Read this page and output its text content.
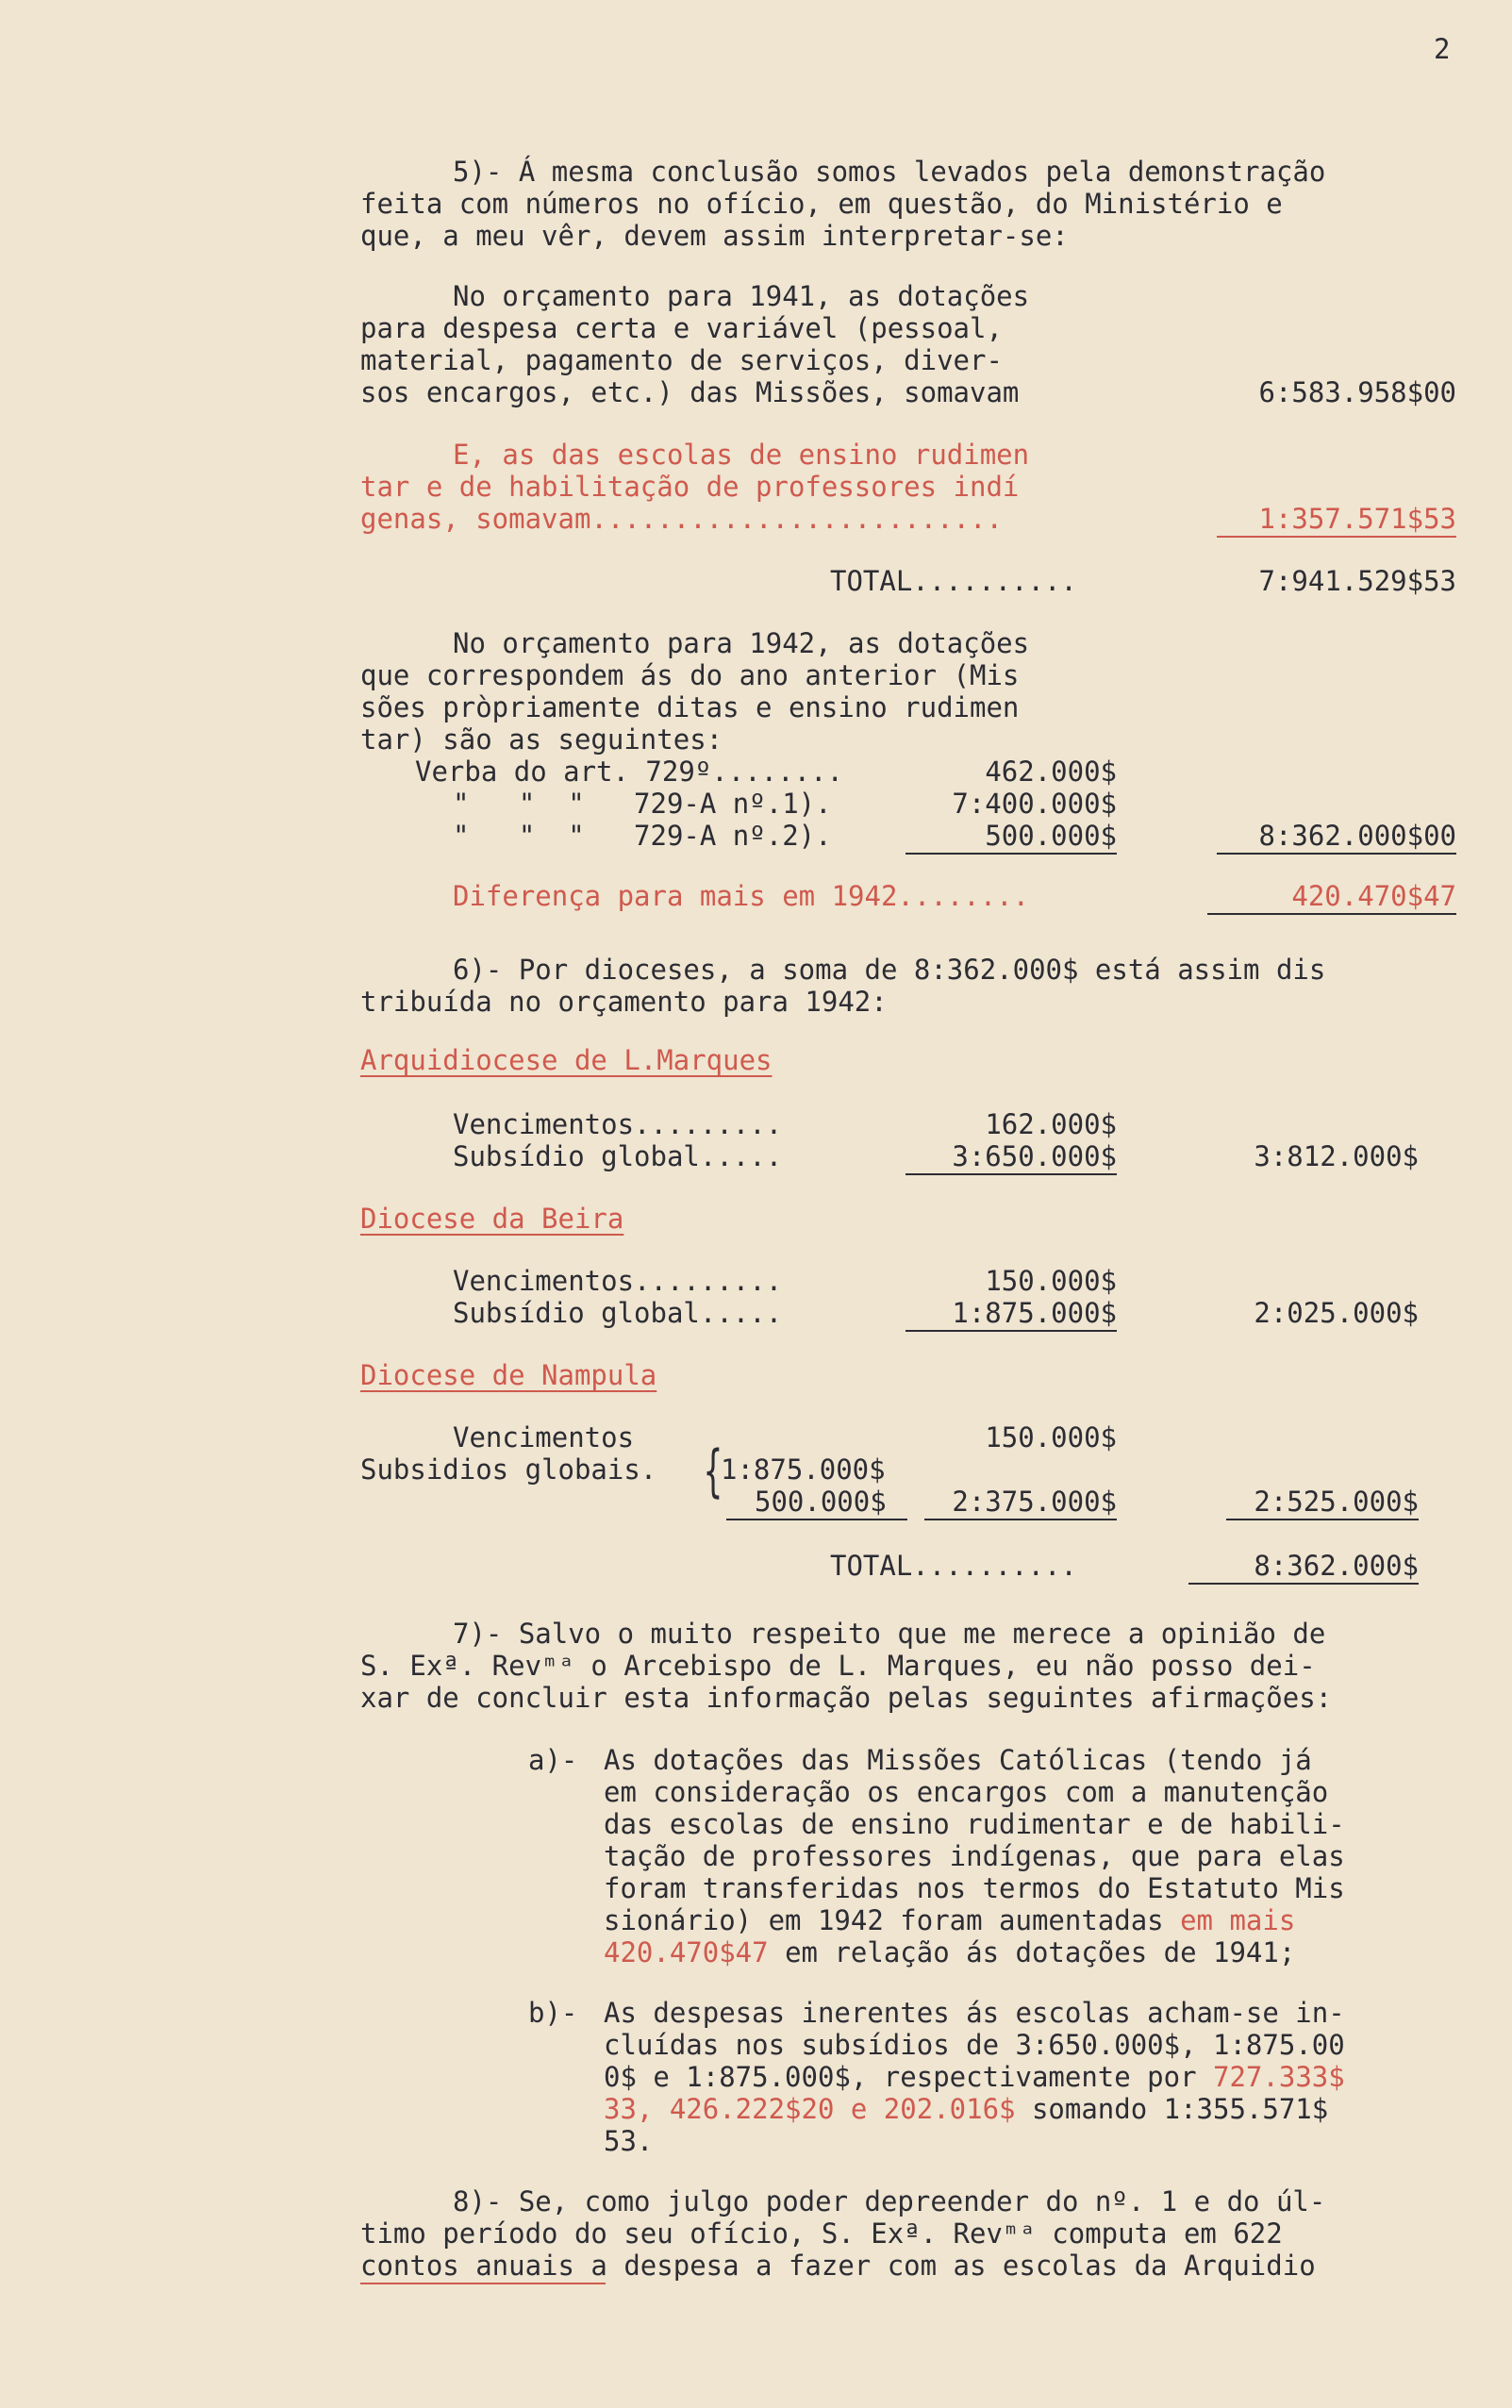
2
5)- Á mesma conclusão somos levados pela demonstração
feita com números no ofício, em questão, do Ministério e
que, a meu vêr, devem assim interpretar-se:
No orçamento para 1941, as dotações
para despesa certa e variável (pessoal,
material, pagamento de serviços, diver-
sos encargos, etc.) das Missões, somavam	6:583.958$00
E, as das escolas de ensino rudimen
tar e de habilitação de professores indí
genas, somavam.........................	1:357.571$53
TOTAL..........	7:941.529$53
No orçamento para 1942, as dotações
que correspondem ás do ano anterior (Mis
sões pròpriamente ditas e ensino rudimen
tar) são as seguintes:
Verba do art. 729º........	462.000$
"   "  "   729-A nº.1).	7:400.000$
"   "  "   729-A nº.2).	500.000$	8:362.000$00
Diferença para mais em 1942........	420.470$47
6)- Por dioceses, a soma de 8:362.000$ está assim dis
tribuída no orçamento para 1942:
Arquidiocese de L.Marques
Vencimentos.........	162.000$
Subsídio global.....	3:650.000$	3:812.000$
Diocese da Beira
Vencimentos.........	150.000$
Subsídio global.....	1:875.000$	2:025.000$
Diocese de Nampula
Vencimentos	150.000$
Subsidios globais. {
1:875.000$
500.000$	2:375.000$	2:525.000$
TOTAL..........	8:362.000$
7)- Salvo o muito respeito que me merece a opinião de
S. Exª. Revᵐᵃ o Arcebispo de L. Marques, eu não posso dei-
xar de concluir esta informação pelas seguintes afirmações:
a)- As dotações das Missões Católicas (tendo já
em consideração os encargos com a manutenção
das escolas de ensino rudimentar e de habili-
tação de professores indígenas, que para elas
foram transferidas nos termos do Estatuto Mis
sionário) em 1942 foram aumentadas em mais
420.470$47 em relação ás dotações de 1941;
b)- As despesas inerentes ás escolas acham-se in-
cluídas nos subsídios de 3:650.000$, 1:875.00
0$ e 1:875.000$, respectivamente por 727.333$
33, 426.222$20 e 202.016$ somando 1:355.571$
53.
8)- Se, como julgo poder depreender do nº. 1 e do úl-
timo período do seu ofício, S. Exª. Revᵐᵃ computa em 622
contos anuais a despesa a fazer com as escolas da Arquidio
